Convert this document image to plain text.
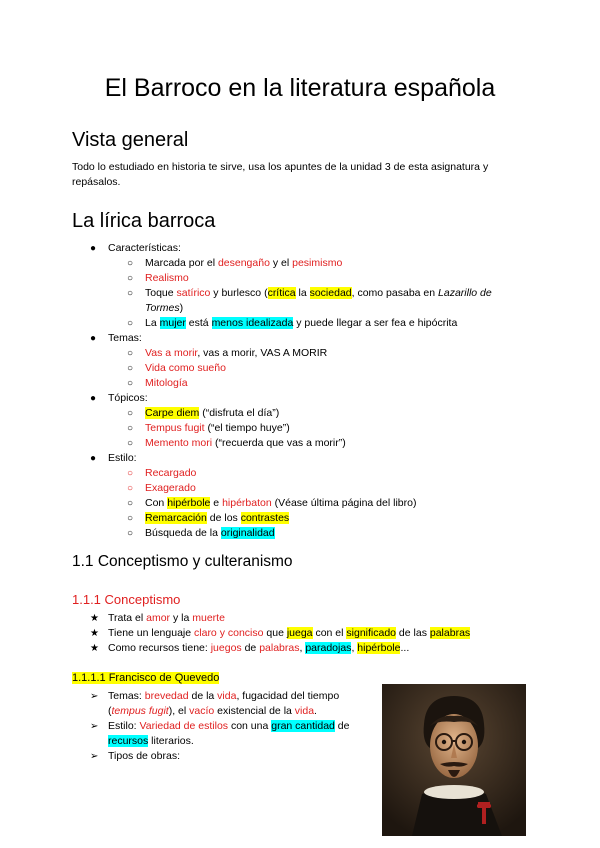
El Barroco en la literatura española
Vista general

Todo lo estudiado en historia te sirve, usa los apuntes de la unidad 3 de esta asignatura y
repásalos.

La lírica barroca
● Características:
○ Marcada por el desengaño y el pesimismo
○ Realismo
○ Toque satírico y burlesco (crítica la sociedad, como pasaba en Lazarillo de
Tormes)
○ La mujer está menos idealizada y puede llegar a ser fea e hipócrita
● Temas:
○ Vas a morir, vas a morir, VAS A MORIR
○ Vida como sueño
○ Mitología
● Tópicos:
○ Carpe diem (“disfruta el día”)
○ Tempus fugit (“el tiempo huye”)
○ Memento mori (“recuerda que vas a morir”)
● Estilo:
○ Recargado
○ Exagerado
○ Con hipérbole e hipérbaton (Véase última página del libro)
○ Remarcación de los contrastes
○ Búsqueda de la originalidad
1.1 Conceptismo y culteranismo
1.1.1 Conceptismo
★ Trata el amor y la muerte
★ Tiene un lenguaje claro y conciso que juega con el significado de las palabras
★ Como recursos tiene: juegos de palabras, paradojas, hipérbole...
1.1.1.1 Francisco de Quevedo
➢ Temas: brevedad de la vida, fugacidad del tiempo
(tempus fugit), el vacío existencial de la vida.
➢ Estilo: Variedad de estilos con una gran cantidad de
recursos literarios.
➢ Tipos de obras:
